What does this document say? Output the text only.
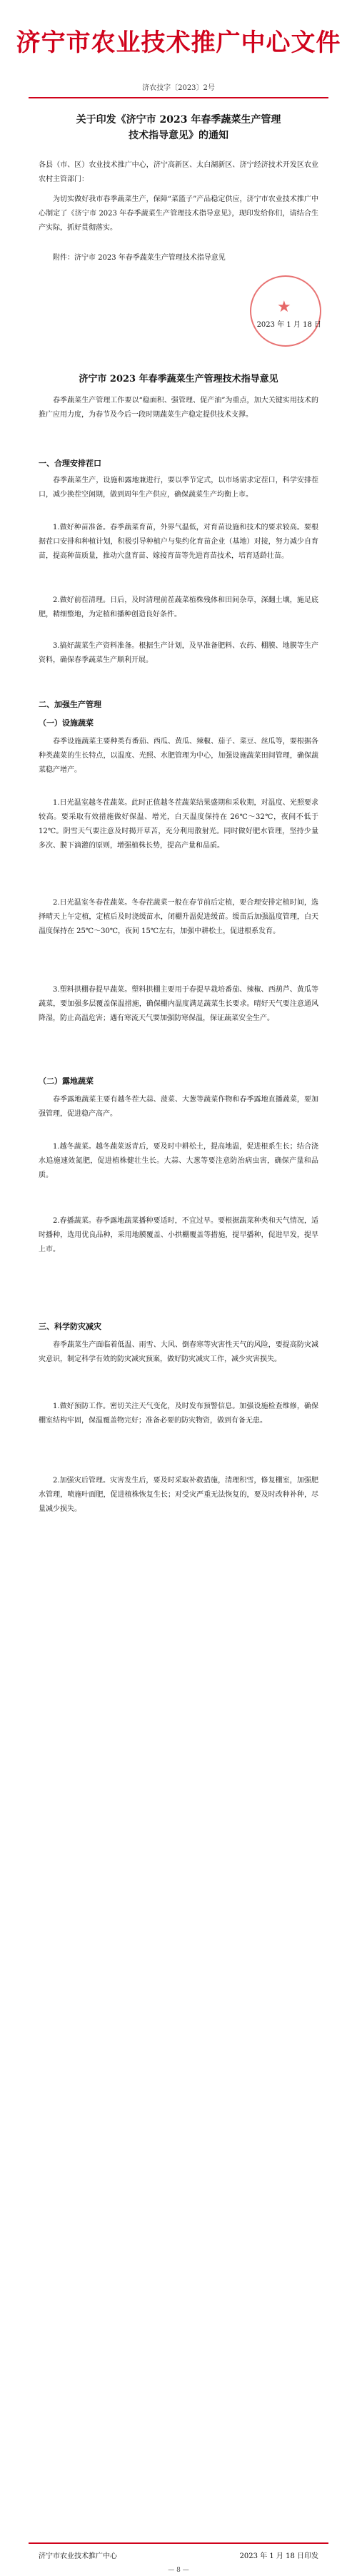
济宁市农业技术推广中心文件
济农技字〔2023〕2号
关于印发《济宁市 2023 年春季蔬菜生产管理
技术指导意见》的通知
各县（市、区）农业技术推广中心，济宁高新区、太白湖新区、济宁经济技术开发区农业农村主管部门：
为切实做好我市春季蔬菜生产，保障“菜篮子”产品稳定供应，济宁市农业技术推广中心制定了《济宁市 2023 年春季蔬菜生产管理技术指导意见》，现印发给你们，请结合生产实际，抓好贯彻落实。
附件：济宁市 2023 年春季蔬菜生产管理技术指导意见
★
2023 年 1 月 18 日
济宁市 2023 年春季蔬菜生产管理技术指导意见
春季蔬菜生产管理工作要以“稳面积、强管理、促产油”为重点，加大关键实用技术的推广应用力度，为春节及今后一段时期蔬菜生产稳定提供技术支撑。
一、合理安排茬口
春季蔬菜生产，设施和露地兼进行，要以季节定式，以市场需求定茬口，科学安排茬口，减少换茬空闲期，做到周年生产供应，确保蔬菜生产均衡上市。
1.做好种苗准备。春季蔬菜育苗，外界气温低，对育苗设施和技术的要求较高。要根据茬口安排和种植计划，积极引导种植户与集约化育苗企业（基地）对接，努力减少自育苗，提高种苗质量，推动穴盘育苗、嫁接育苗等先进育苗技术，培育适龄壮苗。
2.做好前茬清理。日后，及时清理前茬蔬菜植株残体和田间杂草，深翻土壤，施足底肥，精细整地，为定植和播种创造良好条件。
3.搞好蔬菜生产资料准备。根据生产计划，及早准备肥料、农药、棚膜、地膜等生产资料，确保春季蔬菜生产顺利开展。
二、加强生产管理
（一）设施蔬菜
春季设施蔬菜主要种类有番茄、西瓜、黄瓜、辣椒、茄子、菜豆、丝瓜等，要根据各种类蔬菜的生长特点，以温度、光照、水肥管理为中心，加强设施蔬菜田间管理，确保蔬菜稳产增产。
1.日光温室越冬茬蔬菜。此时正值越冬茬蔬菜结果盛期和采收期，对温度、光照要求较高。要采取有效措施做好保温、增光，白天温度保持在 26℃～32℃，夜间不低于 12℃。阴雪天气要注意及时揭开草苫，充分利用散射光。同时做好肥水管理，坚持少量多次、膜下滴灌的原则，增强植株长势，提高产量和品质。
2.日光温室冬春茬蔬菜。冬春茬蔬菜一般在春节前后定植，要合理安排定植时间，选择晴天上午定植，定植后及时浇缓苗水，闭棚升温促进缓苗。缓苗后加强温度管理，白天温度保持在 25℃～30℃，夜间 15℃左右，加强中耕松土，促进根系发育。
3.塑料拱棚春提早蔬菜。塑料拱棚主要用于春提早栽培番茄、辣椒、西葫芦、黄瓜等蔬菜，要加强多层覆盖保温措施，确保棚内温度满足蔬菜生长要求。晴好天气要注意通风降湿，防止高温危害；遇有寒流天气要加强防寒保温，保证蔬菜安全生产。
（二）露地蔬菜
春季露地蔬菜主要有越冬茬大蒜、菠菜、大葱等蔬菜作物和春季露地直播蔬菜，要加强管理，促进稳产高产。
1.越冬蔬菜。越冬蔬菜返青后，要及时中耕松土，提高地温，促进根系生长；结合浇水追施速效氮肥，促进植株健壮生长。大蒜、大葱等要注意防治病虫害，确保产量和品质。
2.春播蔬菜。春季露地蔬菜播种要适时，不宜过早。要根据蔬菜种类和天气情况，适时播种，选用优良品种，采用地膜覆盖、小拱棚覆盖等措施，提早播种，促进早发，提早上市。
三、科学防灾减灾
春季蔬菜生产面临着低温、雨雪、大风、倒春寒等灾害性天气的风险，要提高防灾减灾意识，制定科学有效的防灾减灾预案，做好防灾减灾工作，减少灾害损失。
1.做好预防工作。密切关注天气变化，及时发布预警信息。加强设施检查维修，确保棚室结构牢固，保温覆盖物完好；准备必要的防灾物资，做到有备无患。
2.加强灾后管理。灾害发生后，要及时采取补救措施，清理积雪，修复棚室，加强肥水管理，喷施叶面肥，促进植株恢复生长；对受灾严重无法恢复的，要及时改种补种，尽量减少损失。
济宁市农业技术推广中心	2023 年 1 月 18 日印发
— 8 —
